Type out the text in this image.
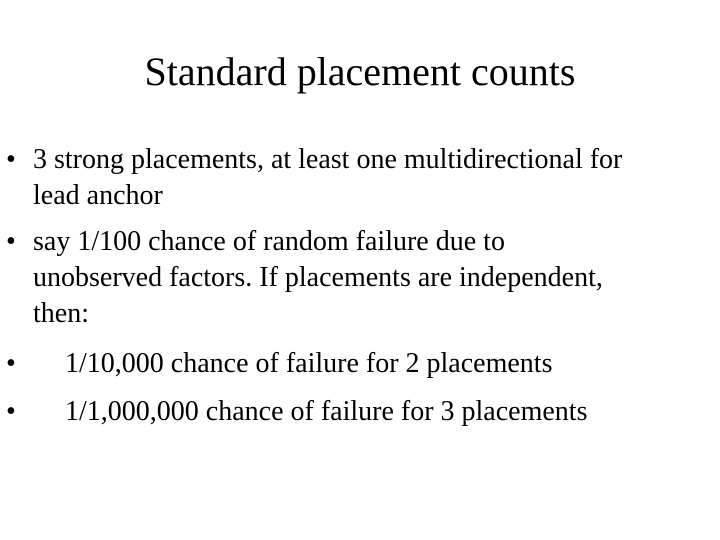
Standard placement counts
• 3 strong placements, at least one multidirectional for
lead anchor
• say 1/100 chance of random failure due to
unobserved factors. If placements are independent,
then:
• 1/10,000 chance of failure for 2 placements
• 1/1,000,000 chance of failure for 3 placements
